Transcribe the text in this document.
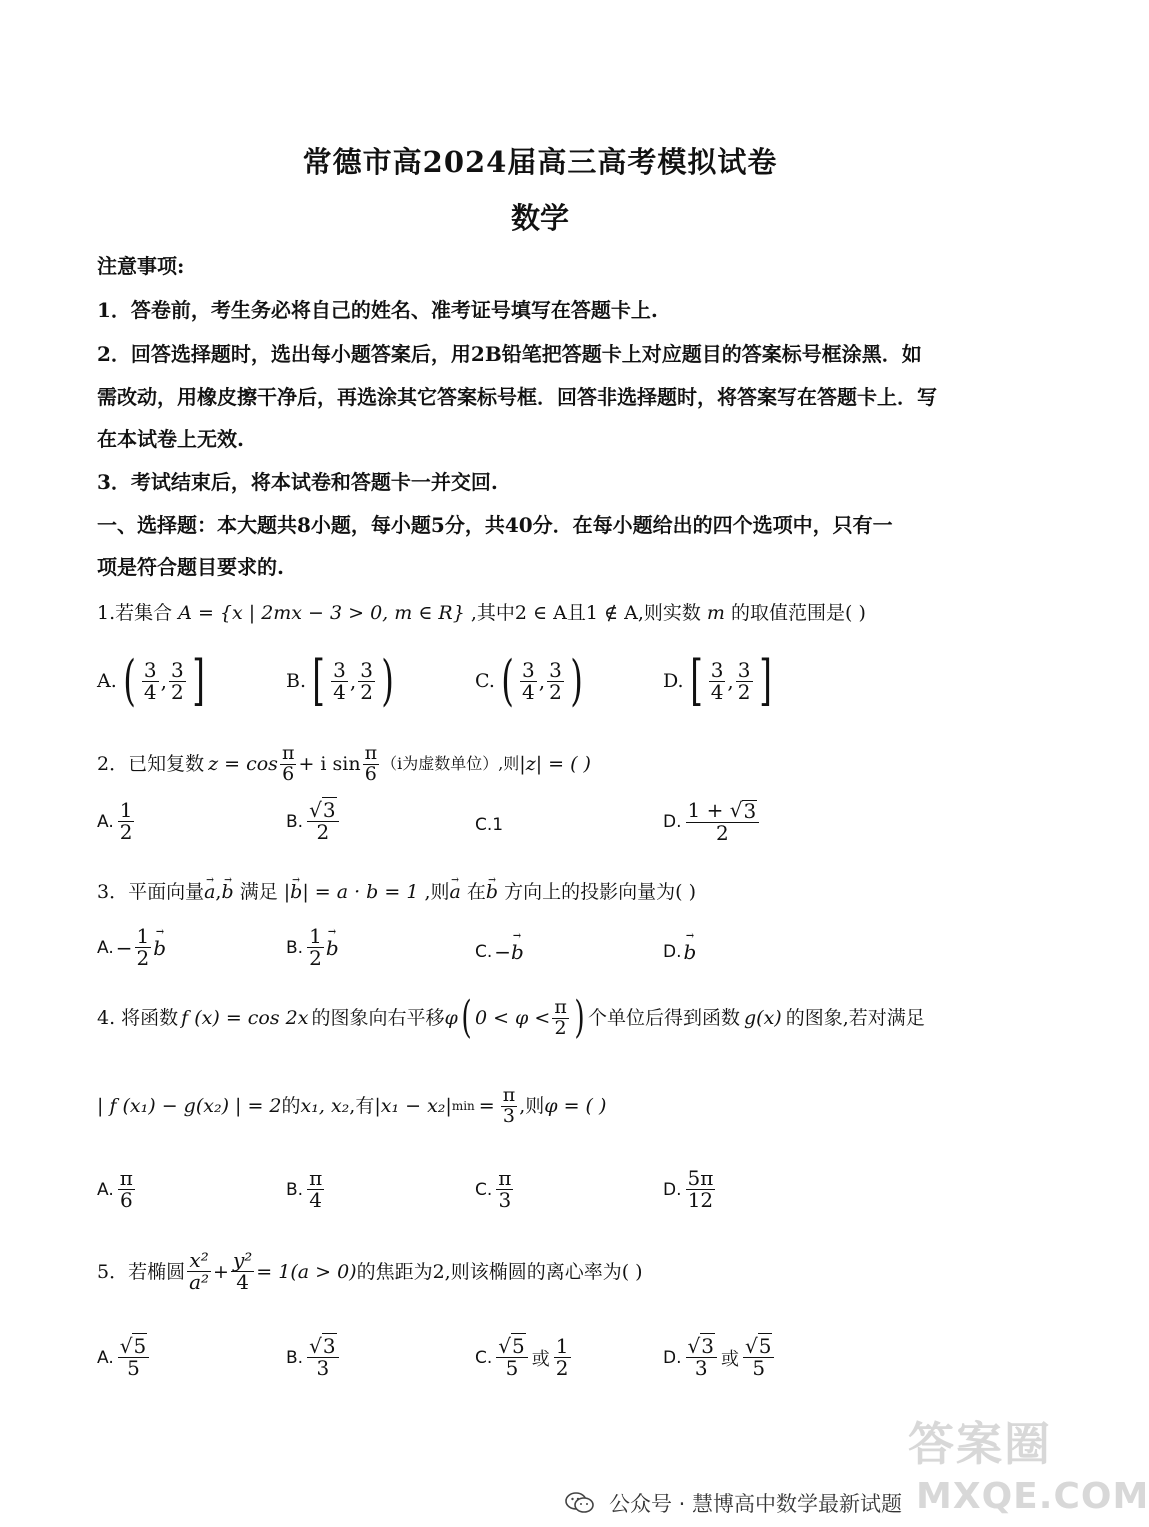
常德市高2024届高三高考模拟试卷
数学
注意事项:
1．答卷前，考生务必将自己的姓名、准考证号填写在答题卡上.
2．回答选择题时，选出每小题答案后，用2B铅笔把答题卡上对应题目的答案标号框涂黑．如
需改动，用橡皮擦干净后，再选涂其它答案标号框．回答非选择题时，将答案写在答题卡上．写
在本试卷上无效.
3．考试结束后，将本试卷和答题卡一并交回.
一、选择题：本大题共8小题，每小题5分，共40分．在每小题给出的四个选项中，只有一
项是符合题目要求的.
1.若集合 A = {x | 2mx − 3 > 0, m ∈ R} ,其中2 ∈ A且1 ∉ A,则实数 m 的取值范围是( )
A. ( $\frac{3}{4}$ , $\frac{3}{2}$ ]	B. [ $\frac{3}{4}$ , $\frac{3}{2}$ )	C. ( $\frac{3}{4}$ , $\frac{3}{2}$ )	D. [ $\frac{3}{4}$ , $\frac{3}{2}$ ]
2．已知复数 $z = \cos \frac{\pi}{6} + i$ $\sin \frac{\pi}{6} (i$为虚数单位）,则 |z| = ( )
A. $\frac{1}{2}$	B. $\frac{√3}{2}$	C.1	D. $\frac{1 + √ 3}{2}$
3．平面向量→ a,→ b 满足 |→ b| = a · b = 1 ,则→ a 在→ b 方向上的投影向量为( )
A. − $\frac{1}{2}$
→ b	B. $\frac{1}{2}$
→ b	C. −
→ b	D.
→ b
4. 将函数 f (x) = cos 2x 的图象向右平移 φ ( $0 < \varphi < \frac{\pi}{2}$ ) 个单位后得到函数 g(x) 的图象,若对满足
| f (x₁) − g(x₂) | = 2 的 x₁, x₂ ,有 |x₁ − x₂| $\min = \frac{\pi}{3}$ ,则 φ = ( )
A. $\frac{\pi}{6}$	B. $\frac{\pi}{4}$	C. $\frac{\pi}{3}$	D. $\frac{5\pi}{12}$
5．若椭圆 $\frac{\text{x²}}{\text{a²}} + \frac{\text{y²}}{4} = 1(a > 0)$ 的焦距为2,则该椭圆的离心率为( )
A. $\frac{√5}{5}$	B. $\frac{√3}{3}$	C. $\frac{√5}{5}$ 或 $\frac{1}{2}$	D. $\frac{√3}{3}$ 或 $\frac{√5}{5}$
答案圈
MXQE.COM
公众号 · 慧博高中数学最新试题
